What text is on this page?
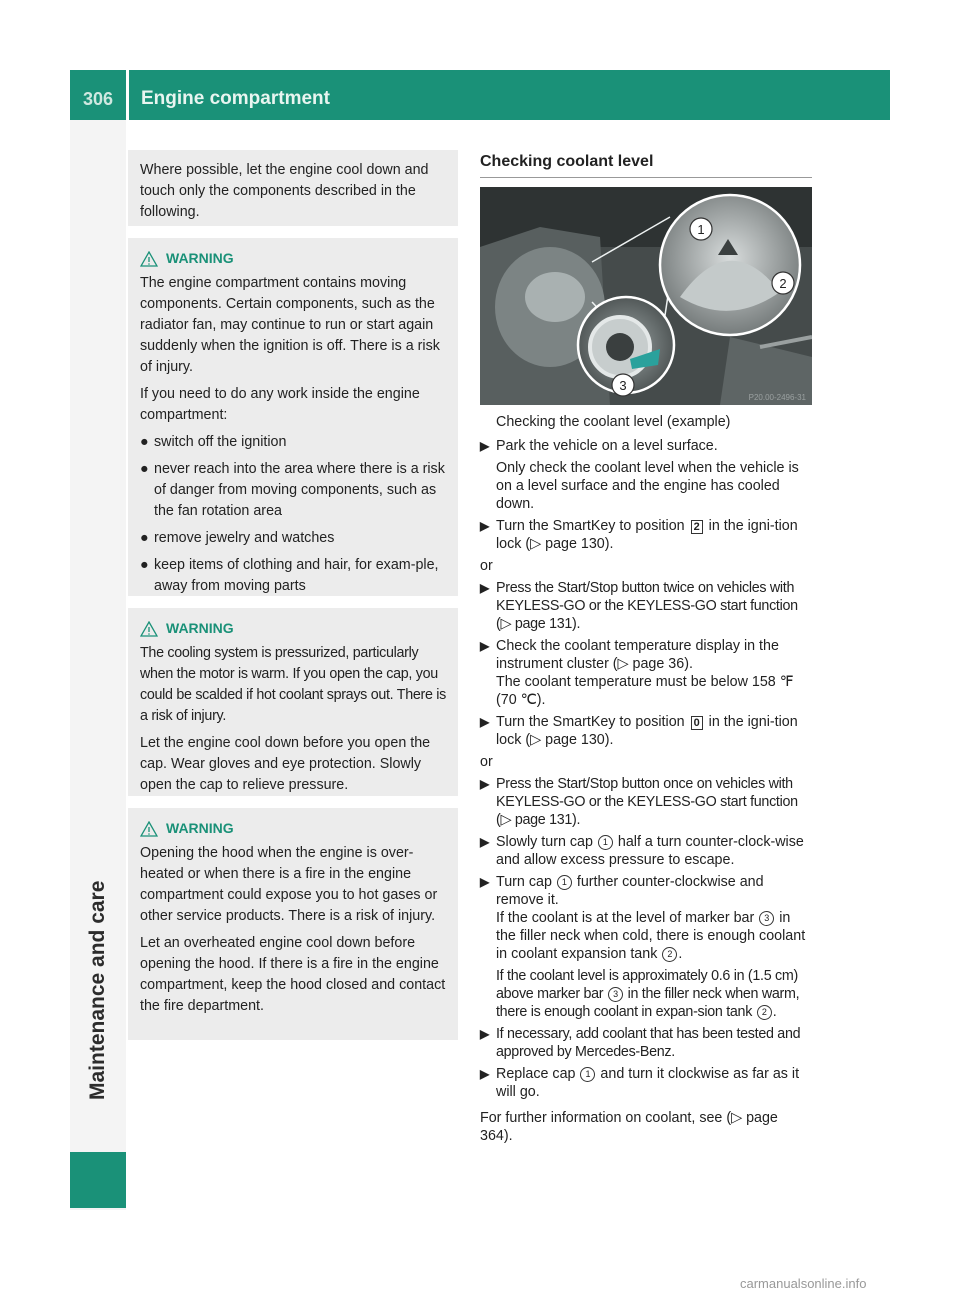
306	Engine compartment
Maintenance and care

Where possible, let the engine cool down and touch only the components described in the following.

WARNING

The engine compartment contains moving components. Certain components, such as the radiator fan, may continue to run or start again suddenly when the ignition is off. There is a risk of injury.

If you need to do any work inside the engine compartment:

● switch off the ignition
● never reach into the area where there is a risk of danger from moving components, such as the fan rotation area
● remove jewelry and watches
● keep items of clothing and hair, for exam-ple, away from moving parts
WARNING

The cooling system is pressurized, particularly when the motor is warm. If you open the cap, you could be scalded if hot coolant sprays out. There is a risk of injury.

Let the engine cool down before you open the cap. Wear gloves and eye protection. Slowly open the cap to relieve pressure.

WARNING

Opening the hood when the engine is over-heated or when there is a fire in the engine compartment could expose you to hot gases or other service products. There is a risk of injury.

Let an overheated engine cool down before opening the hood. If there is a fire in the engine compartment, keep the hood closed and contact the fire department.

Checking coolant level
1
2
3
P20.00-2496-31
Checking the coolant level (example)
▶ Park the vehicle on a level surface.
Only check the coolant level when the vehicle is on a level surface and the engine has cooled down.
▶ Turn the SmartKey to position 2 in the igni-tion lock (▷ page 130).
or
▶ Press the Start/Stop button twice on vehicles with KEYLESS-GO or the KEYLESS-GO start function (▷ page 131).
▶ Check the coolant temperature display in the instrument cluster (▷ page 36).
The coolant temperature must be below 158 ℉ (70 ℃).
▶ Turn the SmartKey to position 0 in the igni-tion lock (▷ page 130).
or
▶ Press the Start/Stop button once on vehicles with KEYLESS-GO or the KEYLESS-GO start function (▷ page 131).
▶ Slowly turn cap 1 half a turn counter-clock-wise and allow excess pressure to escape.
▶ Turn cap 1 further counter-clockwise and remove it.
If the coolant is at the level of marker bar 3 in the filler neck when cold, there is enough coolant in coolant expansion tank 2 .
If the coolant level is approximately 0.6 in (1.5 cm) above marker bar 3 in the filler neck when warm, there is enough coolant in expan-sion tank 2 .
▶ If necessary, add coolant that has been tested and approved by Mercedes-Benz.
▶ Replace cap 1 and turn it clockwise as far as it will go.
For further information on coolant, see (▷ page 364).
carmanualsonline.info
